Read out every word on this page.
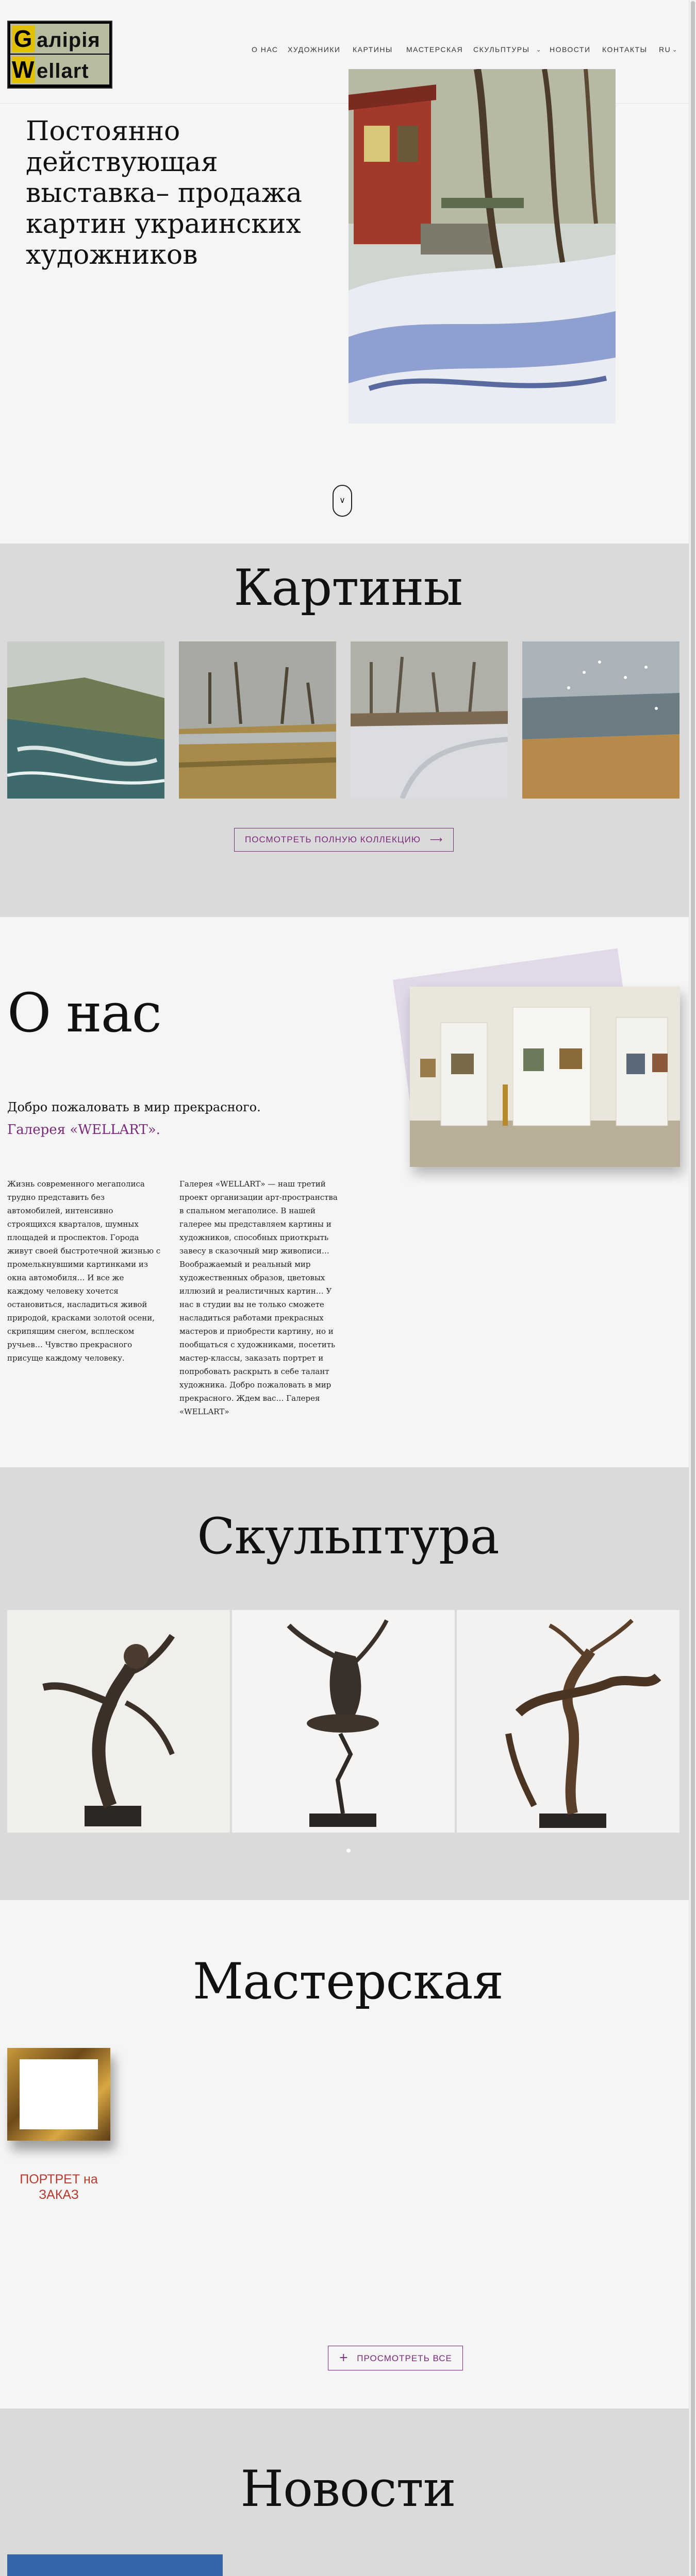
G алiрiя
Wellart
О НАС ХУДОЖНИКИ КАРТИНЫ МАСТЕРСКАЯ СКУЛЬПТУРЫ ⌄ НОВОСТИ КОНТАКТЫ RU ⌄
Постоянно действующая выставка– продажа картин украинских художников
∨
Картины
ПОСМОТРЕТЬ ПОЛНУЮ КОЛЛЕКЦИЮ ⟶
О нас
Добро пожаловать в мир прекрасного.
Галерея «WELLART».
Жизнь современного мегаполиса трудно представить без автомобилей, интенсивно строящихся кварталов, шумных площадей и проспектов. Города живут своей быстротечной жизнью с промелькнувшими картинками из окна автомобиля… И все же каждому человеку хочется остановиться, насладиться живой природой, красками золотой осени, скрипящим снегом, всплеском ручьев… Чувство прекрасного присуще каждому человеку.
Галерея «WELLART» — наш третий проект организации арт-пространства в спальном мегаполисе. В нашей галерее мы представляем картины и художников, способных приоткрыть завесу в сказочный мир живописи… Воображаемый и реальный мир художественных образов, цветовых иллюзий и реалистичных картин… У нас в студии вы не только сможете насладиться работами прекрасных мастеров и приобрести картину, но и пообщаться с художниками, посетить мастер-классы, заказать портрет и попробовать раскрыть в себе талант художника. Добро пожаловать в мир прекрасного. Ждем вас… Галерея «WELLART»
Скульптура
Мастерская
ПОРТРЕТ на ЗАКАЗ
+ ПРОСМОТРЕТЬ ВСЕ
Новости
